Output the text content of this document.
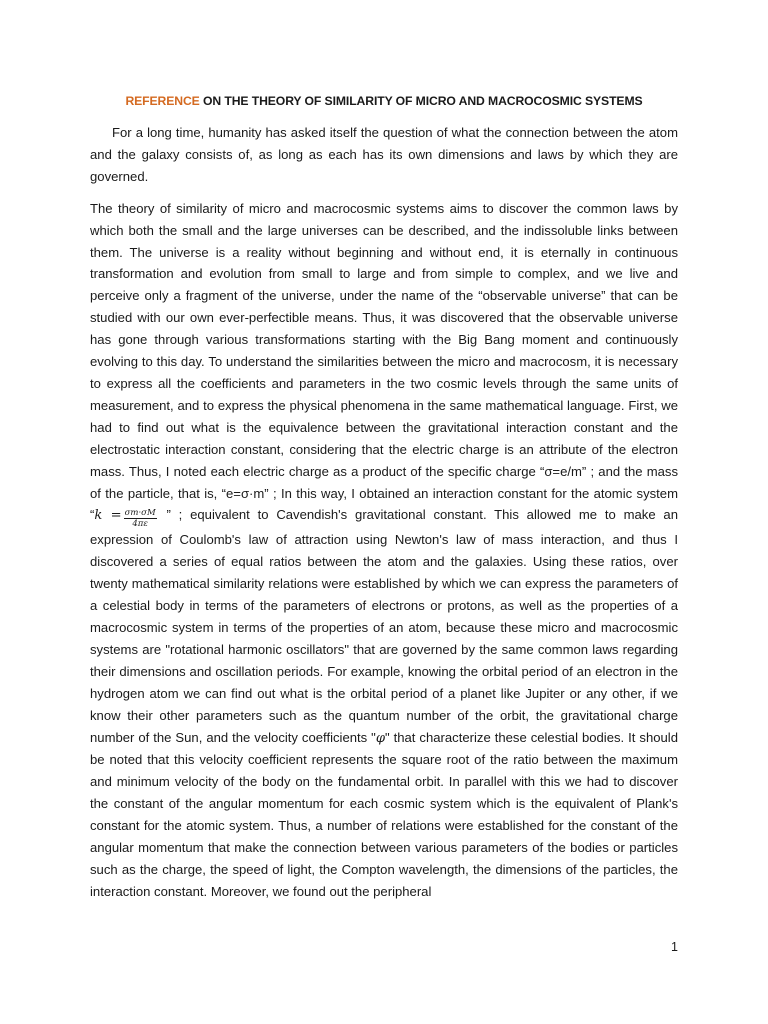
REFERENCE ON THE THEORY OF SIMILARITY OF MICRO AND MACROCOSMIC SYSTEMS

For a long time, humanity has asked itself the question of what the connection between the atom and the galaxy consists of, as long as each has its own dimensions and laws by which they are governed.

The theory of similarity of micro and macrocosmic systems aims to discover the common laws by which both the small and the large universes can be described, and the indissoluble links between them. The universe is a reality without beginning and without end, it is eternally in continuous transformation and evolution from small to large and from simple to complex, and we live and perceive only a fragment of the universe, under the name of the “observable universe” that can be studied with our own ever-perfectible means. Thus, it was discovered that the observable universe has gone through various transformations starting with the Big Bang moment and continuously evolving to this day. To understand the similarities between the micro and macrocosm, it is necessary to express all the coefficients and parameters in the two cosmic levels through the same units of measurement, and to express the physical phenomena in the same mathematical language. First, we had to find out what is the equivalence between the gravitational interaction constant and the electrostatic interaction constant, considering that the electric charge is an attribute of the electron mass. Thus, I noted each electric charge as a product of the specific charge “σ=e/m” ; and the mass of the particle, that is, “e=σ·m” ; In this way, I obtained an interaction constant for the atomic system “$k = \frac{\sigma m\cdot\sigma M}{4\pi\varepsilon}$ ” ; equivalent to Cavendish's gravitational constant. This allowed me to make an expression of Coulomb's law of attraction using Newton's law of mass interaction, and thus I discovered a series of equal ratios between the atom and the galaxies. Using these ratios, over twenty mathematical similarity relations were established by which we can express the parameters of a celestial body in terms of the parameters of electrons or protons, as well as the properties of a macrocosmic system in terms of the properties of an atom, because these micro and macrocosmic systems are "rotational harmonic oscillators" that are governed by the same common laws regarding their dimensions and oscillation periods. For example, knowing the orbital period of an electron in the hydrogen atom we can find out what is the orbital period of a planet like Jupiter or any other, if we know their other parameters such as the quantum number of the orbit, the gravitational charge number of the Sun, and the velocity coefficients "φ" that characterize these celestial bodies. It should be noted that this velocity coefficient represents the square root of the ratio between the maximum and minimum velocity of the body on the fundamental orbit. In parallel with this we had to discover the constant of the angular momentum for each cosmic system which is the equivalent of Plank's constant for the atomic system. Thus, a number of relations were established for the constant of the angular momentum that make the connection between various parameters of the bodies or particles such as the charge, the speed of light, the Compton wavelength, the dimensions of the particles, the interaction constant. Moreover, we found out the peripheral

1
